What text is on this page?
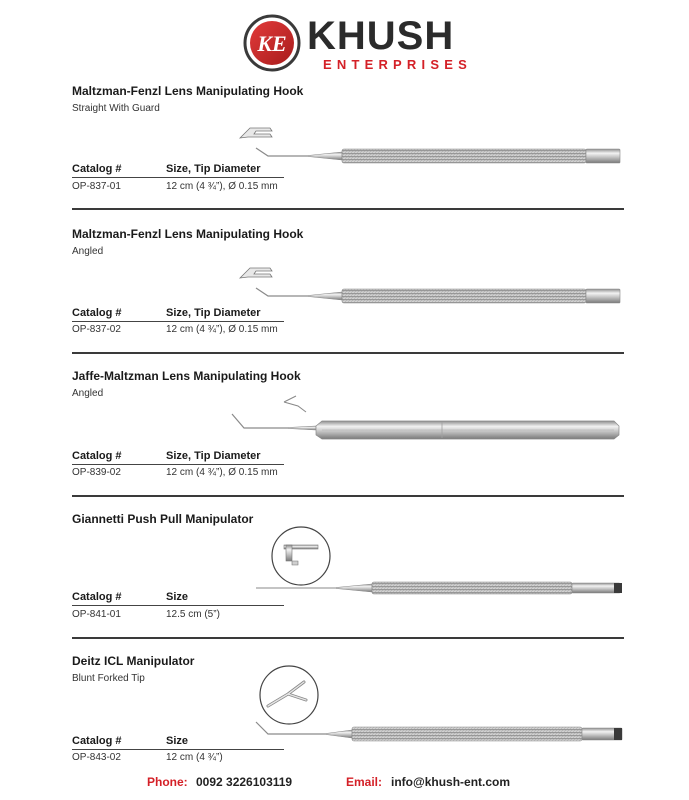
KE KHUSH
ENTERPRISES
Maltzman-Fenzl Lens Manipulating Hook
Straight With Guard
Catalog #	Size, Tip Diameter
OP-837-01	12 cm (4 ¾”), Ø 0.15 mm
Maltzman-Fenzl Lens Manipulating Hook
Angled
Catalog #	Size, Tip Diameter
OP-837-02	12 cm (4 ¾”), Ø 0.15 mm
Jaffe-Maltzman Lens Manipulating Hook
Angled
Catalog #	Size, Tip Diameter
OP-839-02	12 cm (4 ¾”), Ø 0.15 mm
Giannetti Push Pull Manipulator
Catalog #	Size
OP-841-01	12.5 cm (5”)
Deitz ICL Manipulator
Blunt Forked Tip
Catalog #	Size
OP-843-02	12 cm (4 ¾”)
Phone: 0092 3226103119	Email: info@khush-ent.com
